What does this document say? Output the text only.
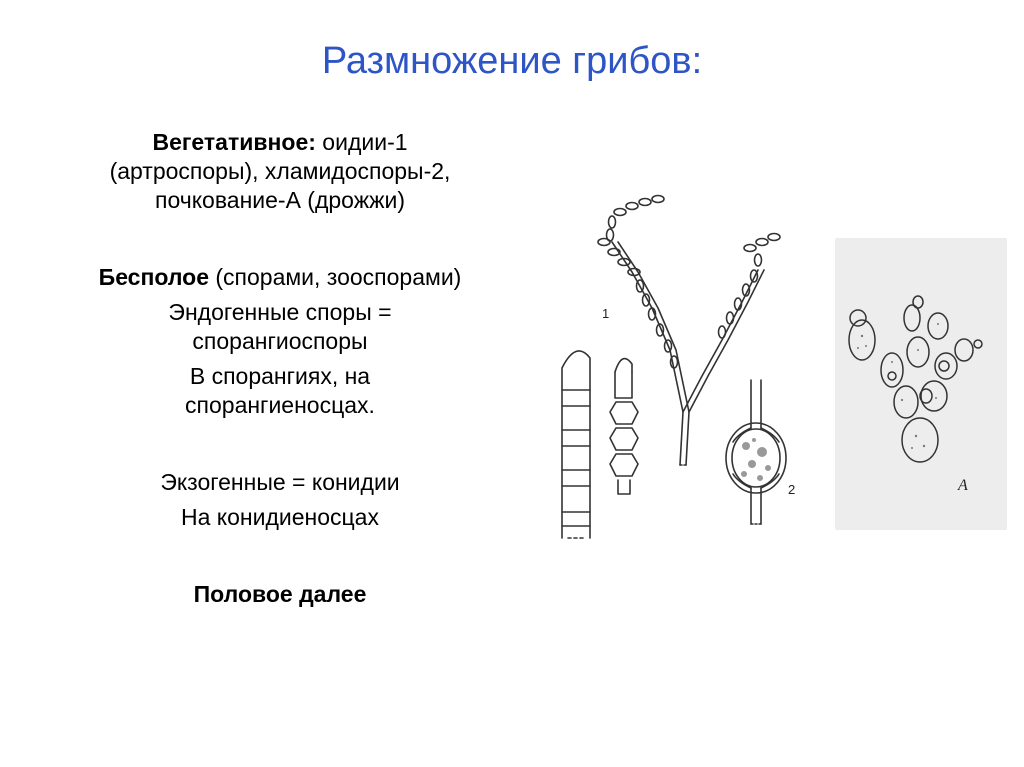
Размножение грибов:

Вегетативное: оидии-1
(артроспоры), хламидоспоры-2,
почкование-А (дрожжи)

Бесполое (спорами, зооспорами)

Эндогенные споры =
спорангиоспоры

В спорангиях, на
спорангиеносцах.

Экзогенные = конидии

На конидиеносцах

Половое далее

1
2	A
